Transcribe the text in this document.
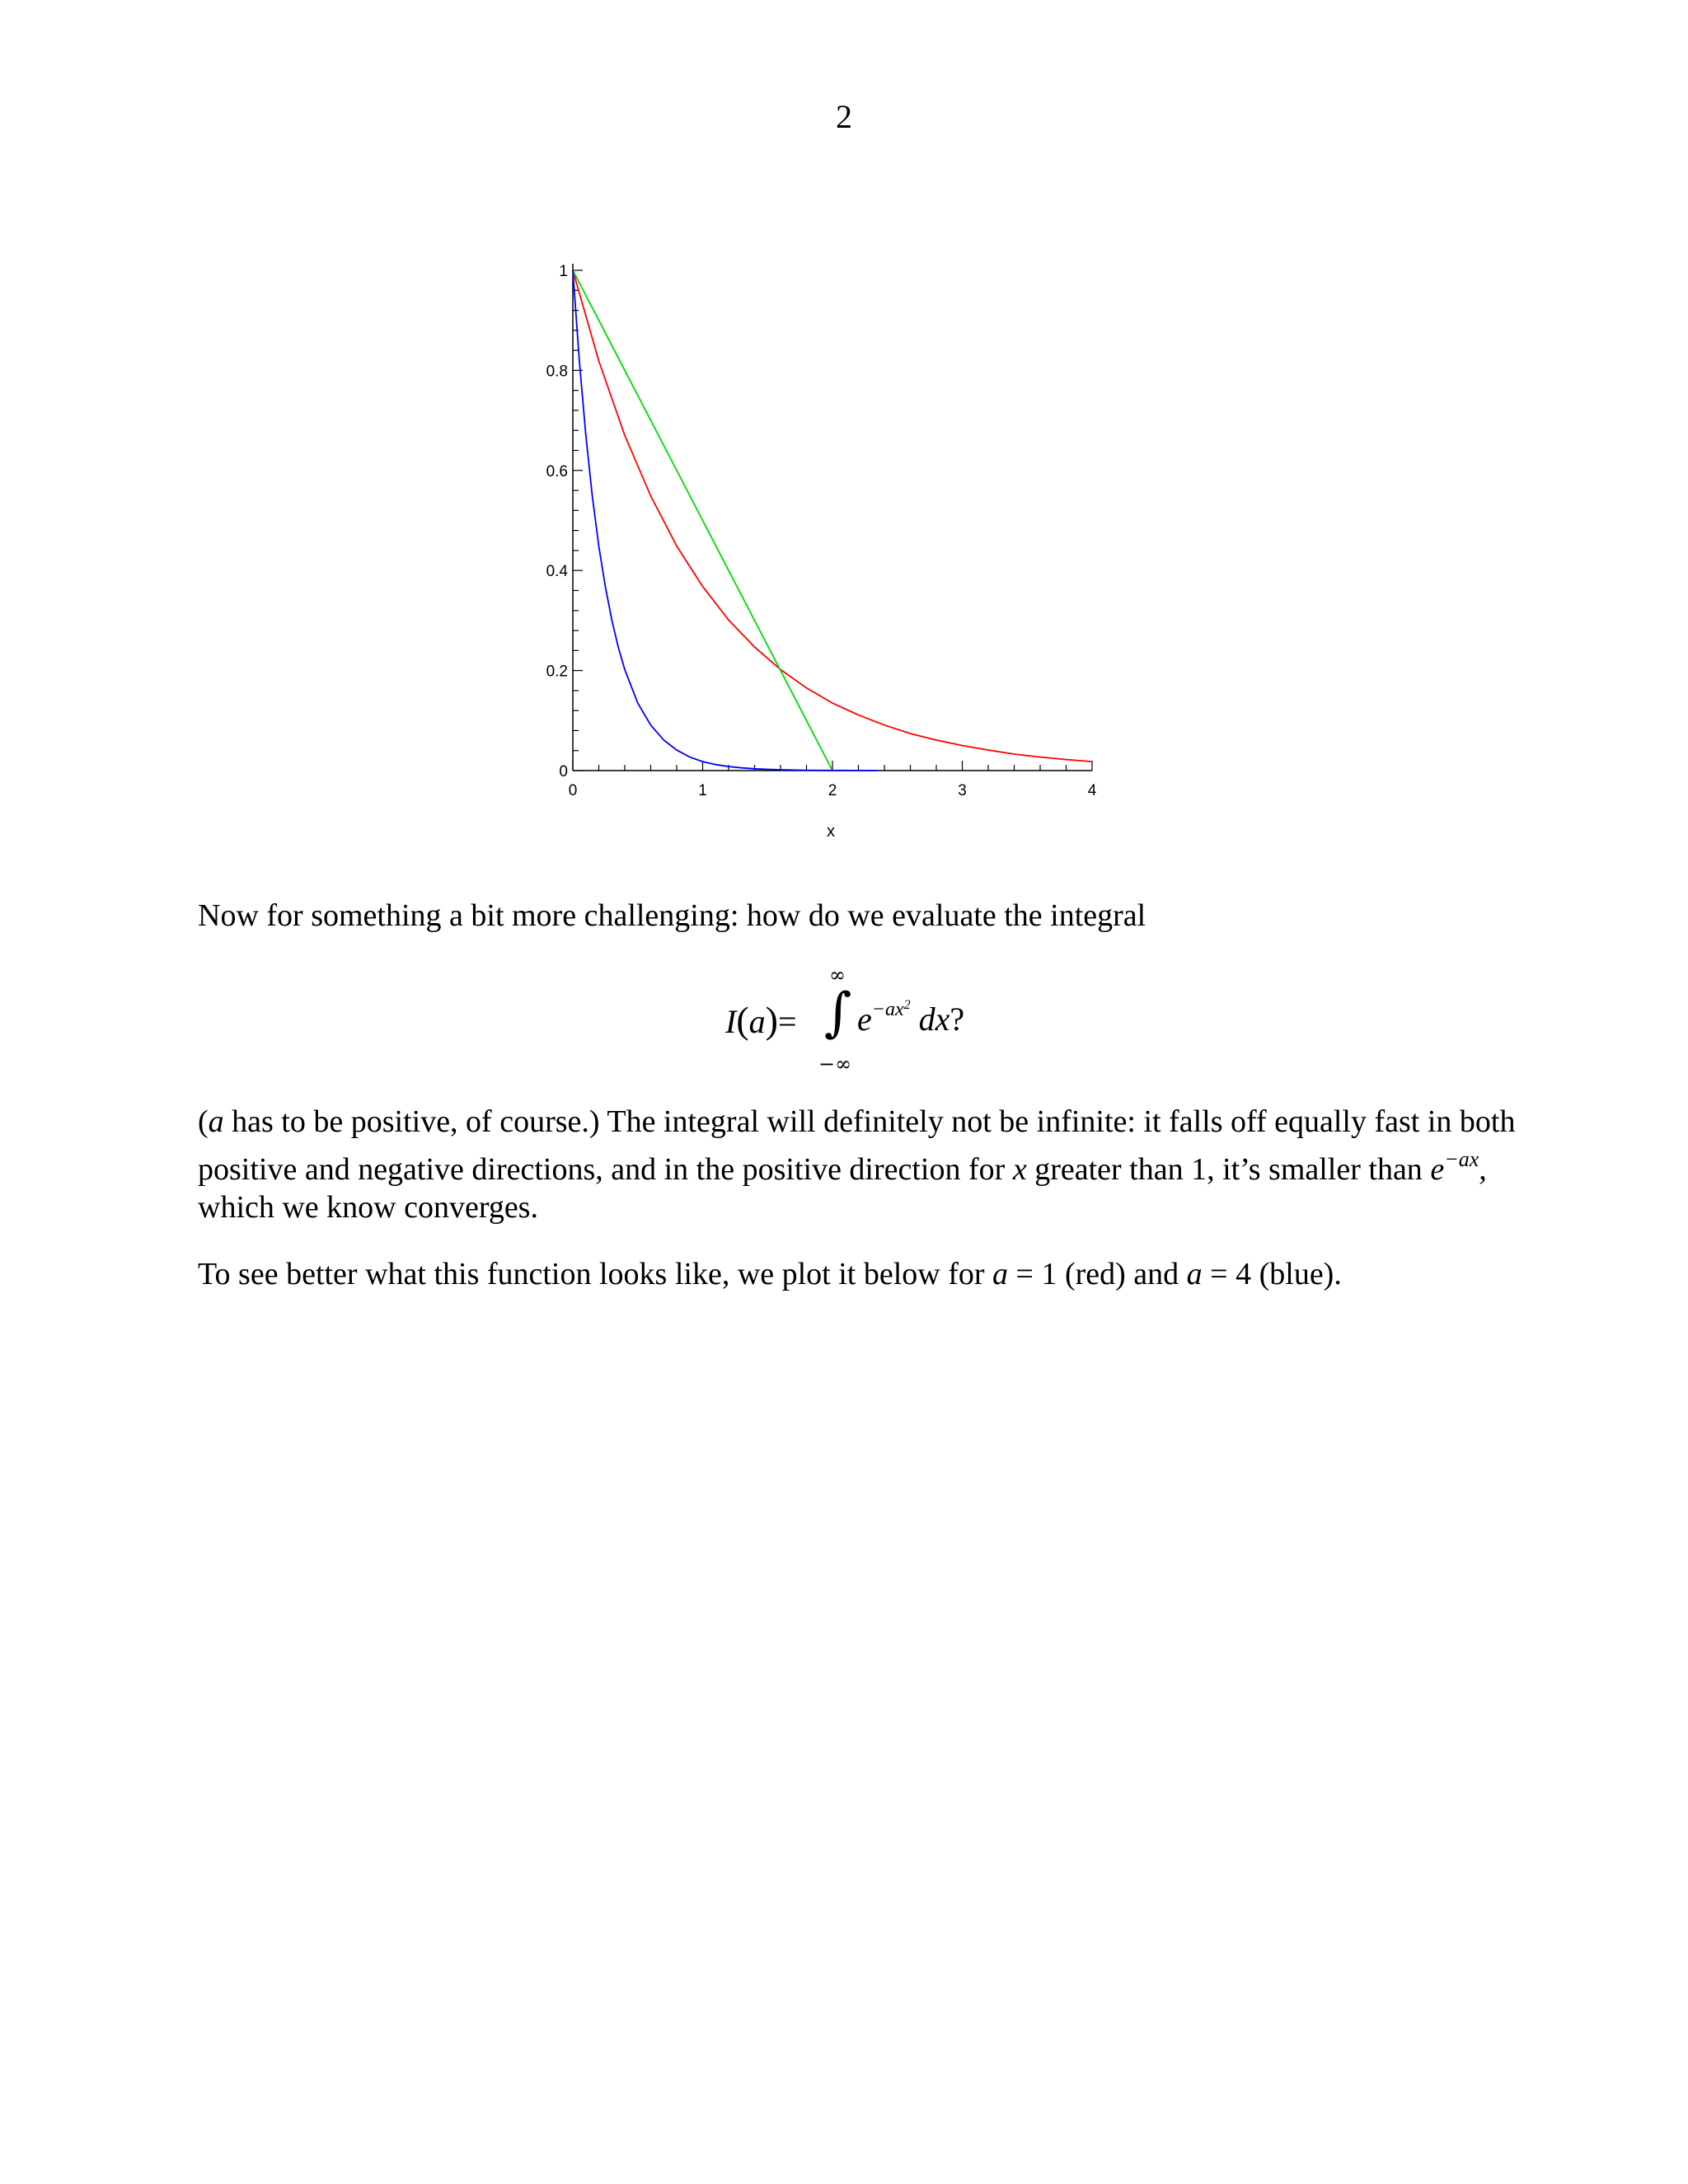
2
0	1	2	3	4
0
0.2
0.4
0.6
0.8
1
x

Now for something a bit more challenging: how do we evaluate the integral

I(a)=
∞
∫
−∞
$e^{-ax^2}$ dx?

(a has to be positive, of course.) The integral will definitely not be infinite: it falls off equally fast in both positive and negative directions, and in the positive direction for x greater than 1, it’s smaller than $e^{-ax}$, which we know converges.

To see better what this function looks like, we plot it below for a = 1 (red) and a = 4 (blue).
